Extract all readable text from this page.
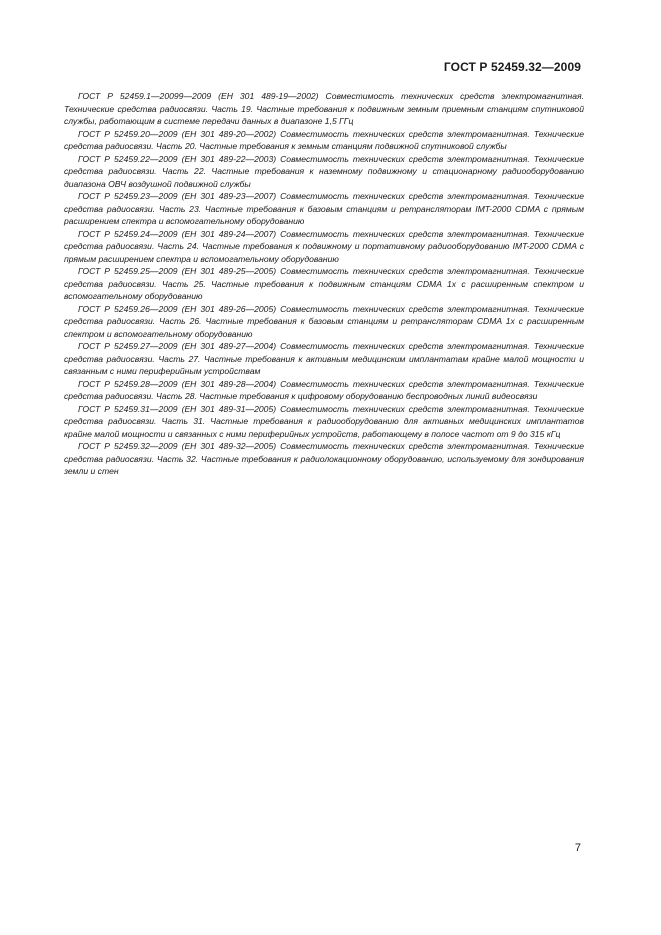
ГОСТ Р 52459.32—2009

ГОСТ Р 52459.1—20099—2009 (ЕН 301 489-19—2002) Совместимость технических средств электромагнитная. Технические средства радиосвязи. Часть 19. Частные требования к подвижным земным приемным станциям спутниковой службы, работающим в системе передачи данных в диапазоне 1,5 ГГц

ГОСТ Р 52459.20—2009 (ЕН 301 489-20—2002) Совместимость технических средств электромагнитная. Технические средства радиосвязи. Часть 20. Частные требования к земным станциям подвижной спутниковой службы

ГОСТ Р 52459.22—2009 (ЕН 301 489-22—2003) Совместимость технических средств электромагнитная. Технические средства радиосвязи. Часть 22. Частные требования к наземному подвижному и стационарному радиооборудованию диапазона ОВЧ воздушной подвижной службы

ГОСТ Р 52459.23—2009 (ЕН 301 489-23—2007) Совместимость технических средств электромагнитная. Технические средства радиосвязи. Часть 23. Частные требования к базовым станциям и ретрансляторам IMT-2000 CDMA с прямым расширением спектра и вспомогательному оборудованию

ГОСТ Р 52459.24—2009 (ЕН 301 489-24—2007) Совместимость технических средств электромагнитная. Технические средства радиосвязи. Часть 24. Частные требования к подвижному и портативному радиооборудованию IMT-2000 CDMA с прямым расширением спектра и вспомогательному оборудованию

ГОСТ Р 52459.25—2009 (ЕН 301 489-25—2005) Совместимость технических средств электромагнитная. Технические средства радиосвязи. Часть 25. Частные требования к подвижным станциям CDMA 1x с расширенным спектром и вспомогательному оборудованию

ГОСТ Р 52459.26—2009 (ЕН 301 489-26—2005) Совместимость технических средств электромагнитная. Технические средства радиосвязи. Часть 26. Частные требования к базовым станциям и ретрансляторам CDMA 1x с расширенным спектром и вспомогательному оборудованию

ГОСТ Р 52459.27—2009 (ЕН 301 489-27—2004) Совместимость технических средств электромагнитная. Технические средства радиосвязи. Часть 27. Частные требования к активным медицинским имплантатам крайне малой мощности и связанным с ними периферийным устройствам

ГОСТ Р 52459.28—2009 (ЕН 301 489-28—2004) Совместимость технических средств электромагнитная. Технические средства радиосвязи. Часть 28. Частные требования к цифровому оборудованию беспроводных линий видеосвязи

ГОСТ Р 52459.31—2009 (ЕН 301 489-31—2005) Совместимость технических средств электромагнитная. Технические средства радиосвязи. Часть 31. Частные требования к радиооборудованию для активных медицинских имплантатов крайне малой мощности и связанных с ними периферийных устройств, работающему в полосе частот от 9 до 315 кГц

ГОСТ Р 52459.32—2009 (ЕН 301 489-32—2005) Совместимость технических средств электромагнитная. Технические средства радиосвязи. Часть 32. Частные требования к радиолокационному оборудованию, используемому для зондирования земли и стен

7
